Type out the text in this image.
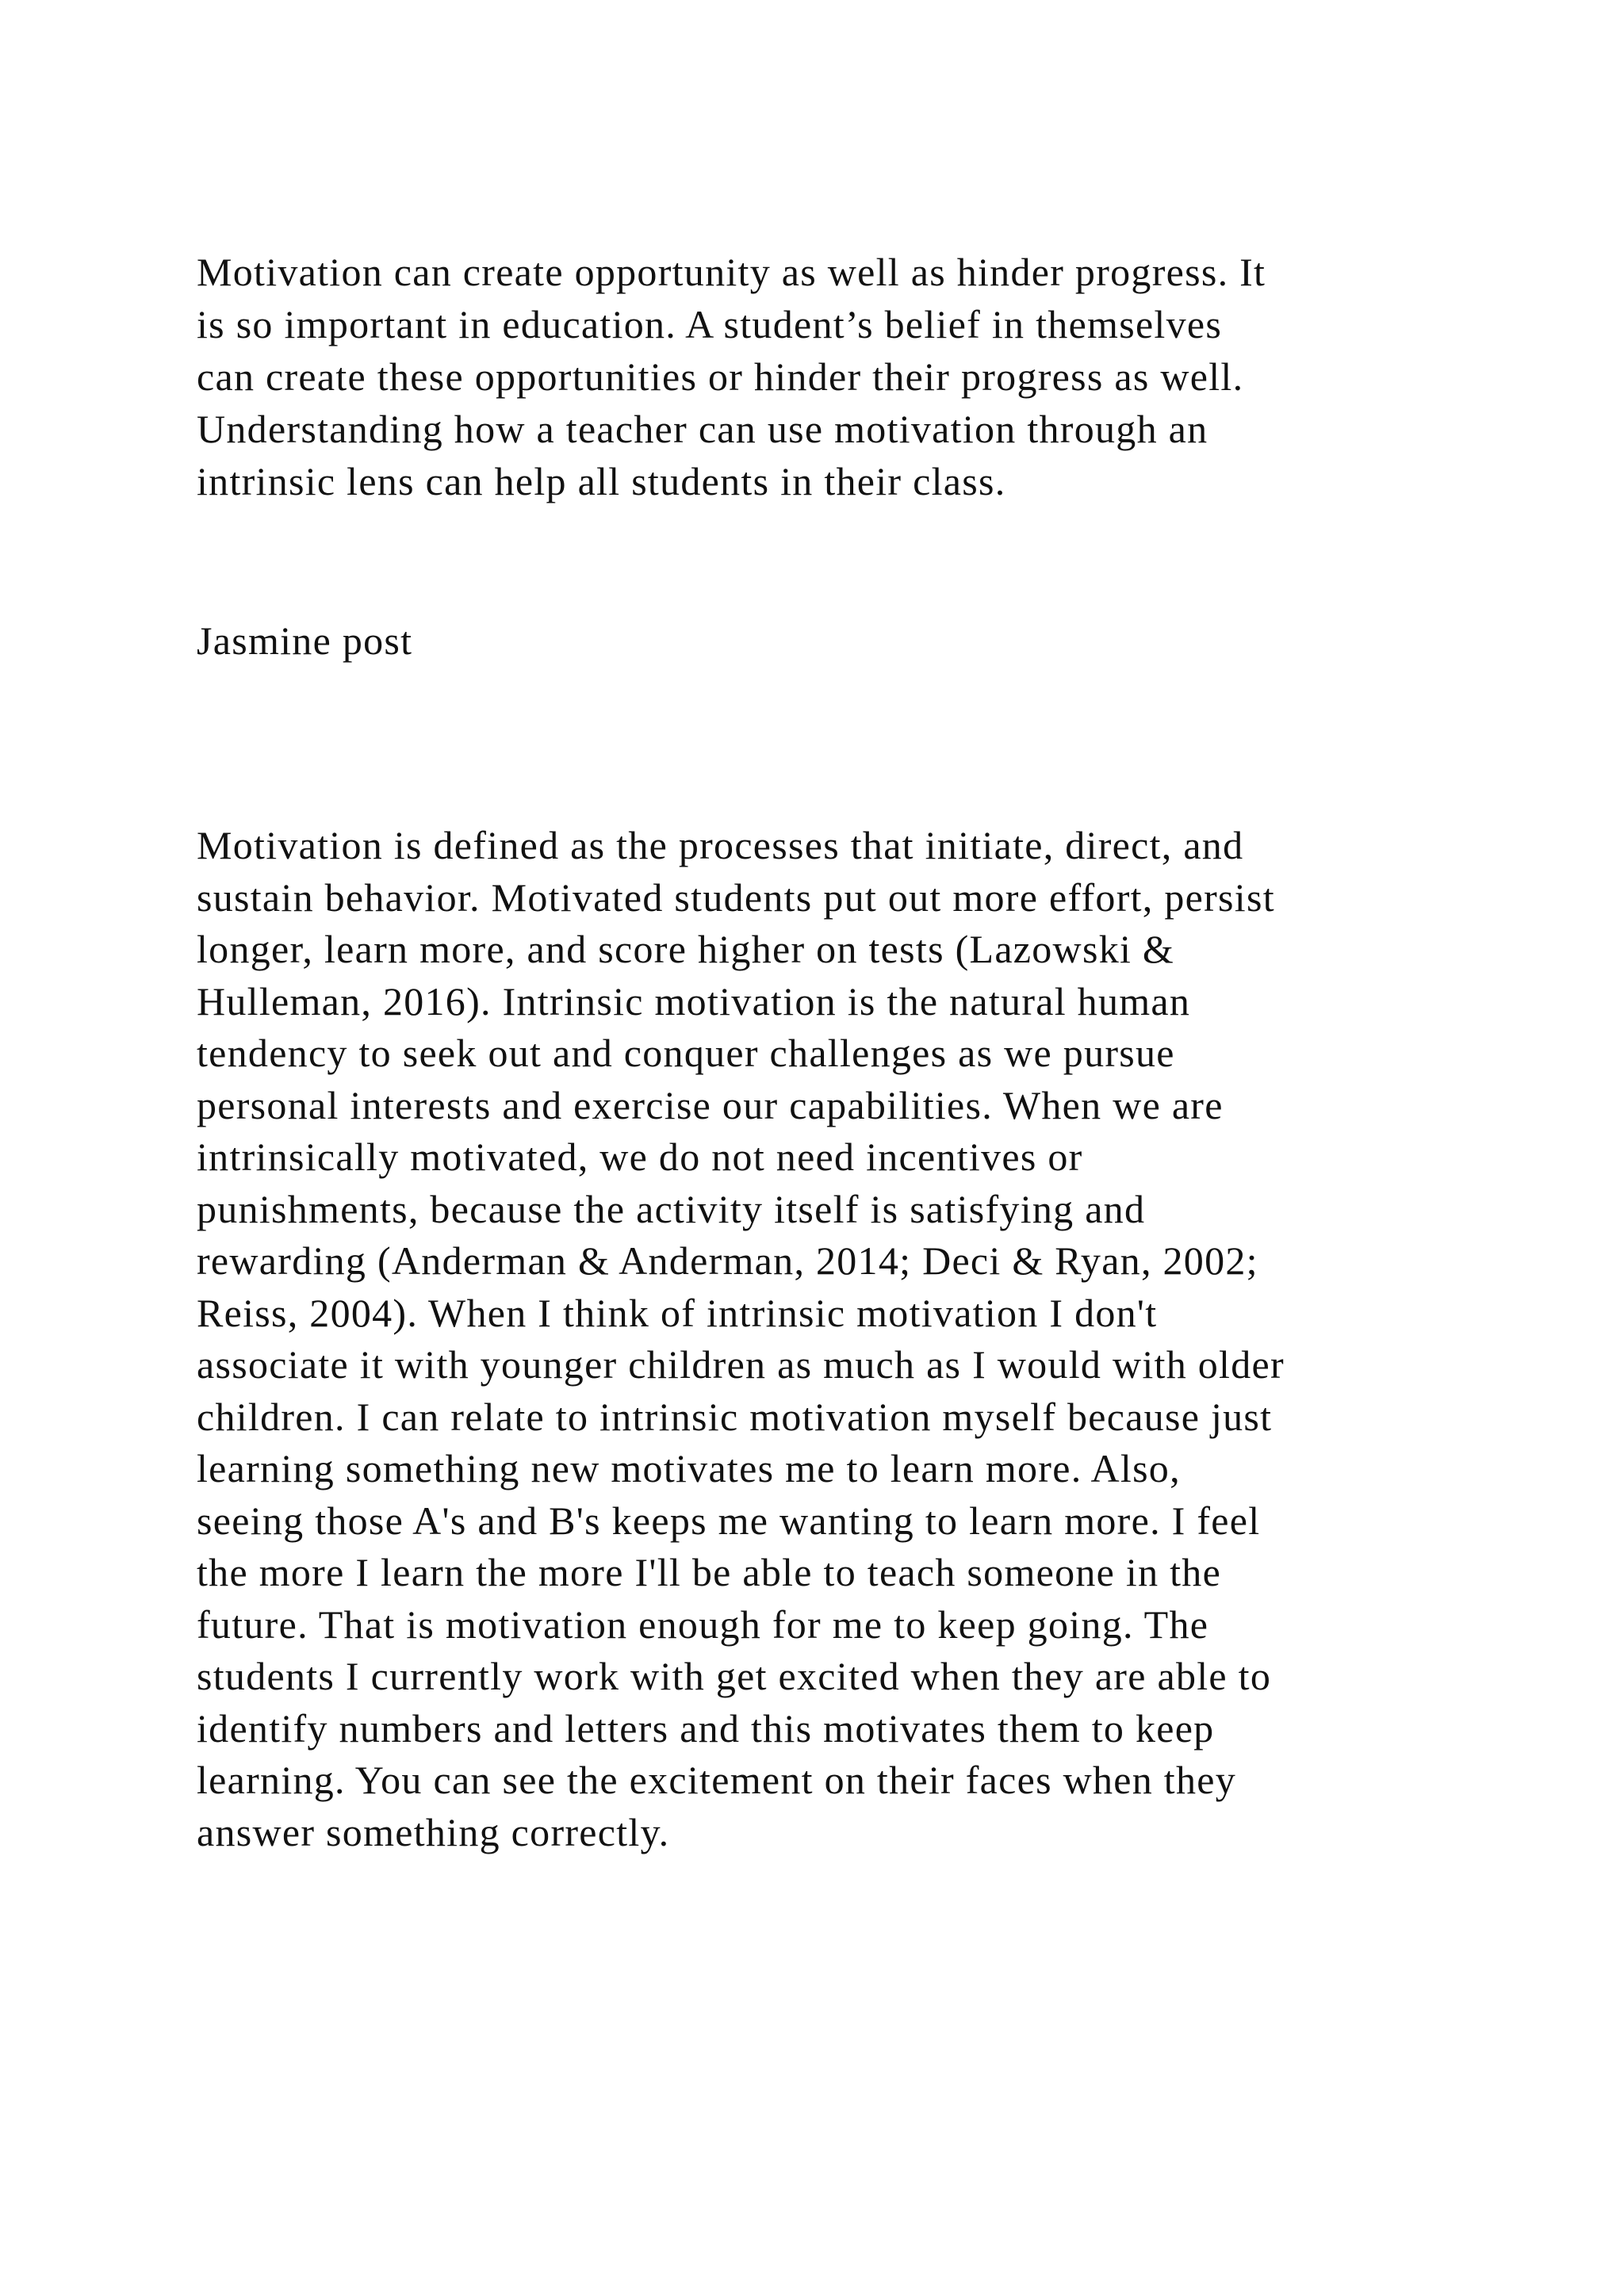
Motivation can create opportunity as well as hinder progress. It
is so important in education. A student’s belief in themselves
can create these opportunities or hinder their progress as well.
Understanding how a teacher can use motivation through an
intrinsic lens can help all students in their class.

Jasmine post

Motivation is defined as the processes that initiate, direct, and
sustain behavior. Motivated students put out more effort, persist
longer, learn more, and score higher on tests (Lazowski &
Hulleman, 2016). Intrinsic motivation is the natural human
tendency to seek out and conquer challenges as we pursue
personal interests and exercise our capabilities. When we are
intrinsically motivated, we do not need incentives or
punishments, because the activity itself is satisfying and
rewarding (Anderman & Anderman, 2014; Deci & Ryan, 2002;
Reiss, 2004). When I think of intrinsic motivation I don't
associate it with younger children as much as I would with older
children. I can relate to intrinsic motivation myself because just
learning something new motivates me to learn more. Also,
seeing those A's and B's keeps me wanting to learn more. I feel
the more I learn the more I'll be able to teach someone in the
future. That is motivation enough for me to keep going. The
students I currently work with get excited when they are able to
identify numbers and letters and this motivates them to keep
learning. You can see the excitement on their faces when they
answer something correctly.
